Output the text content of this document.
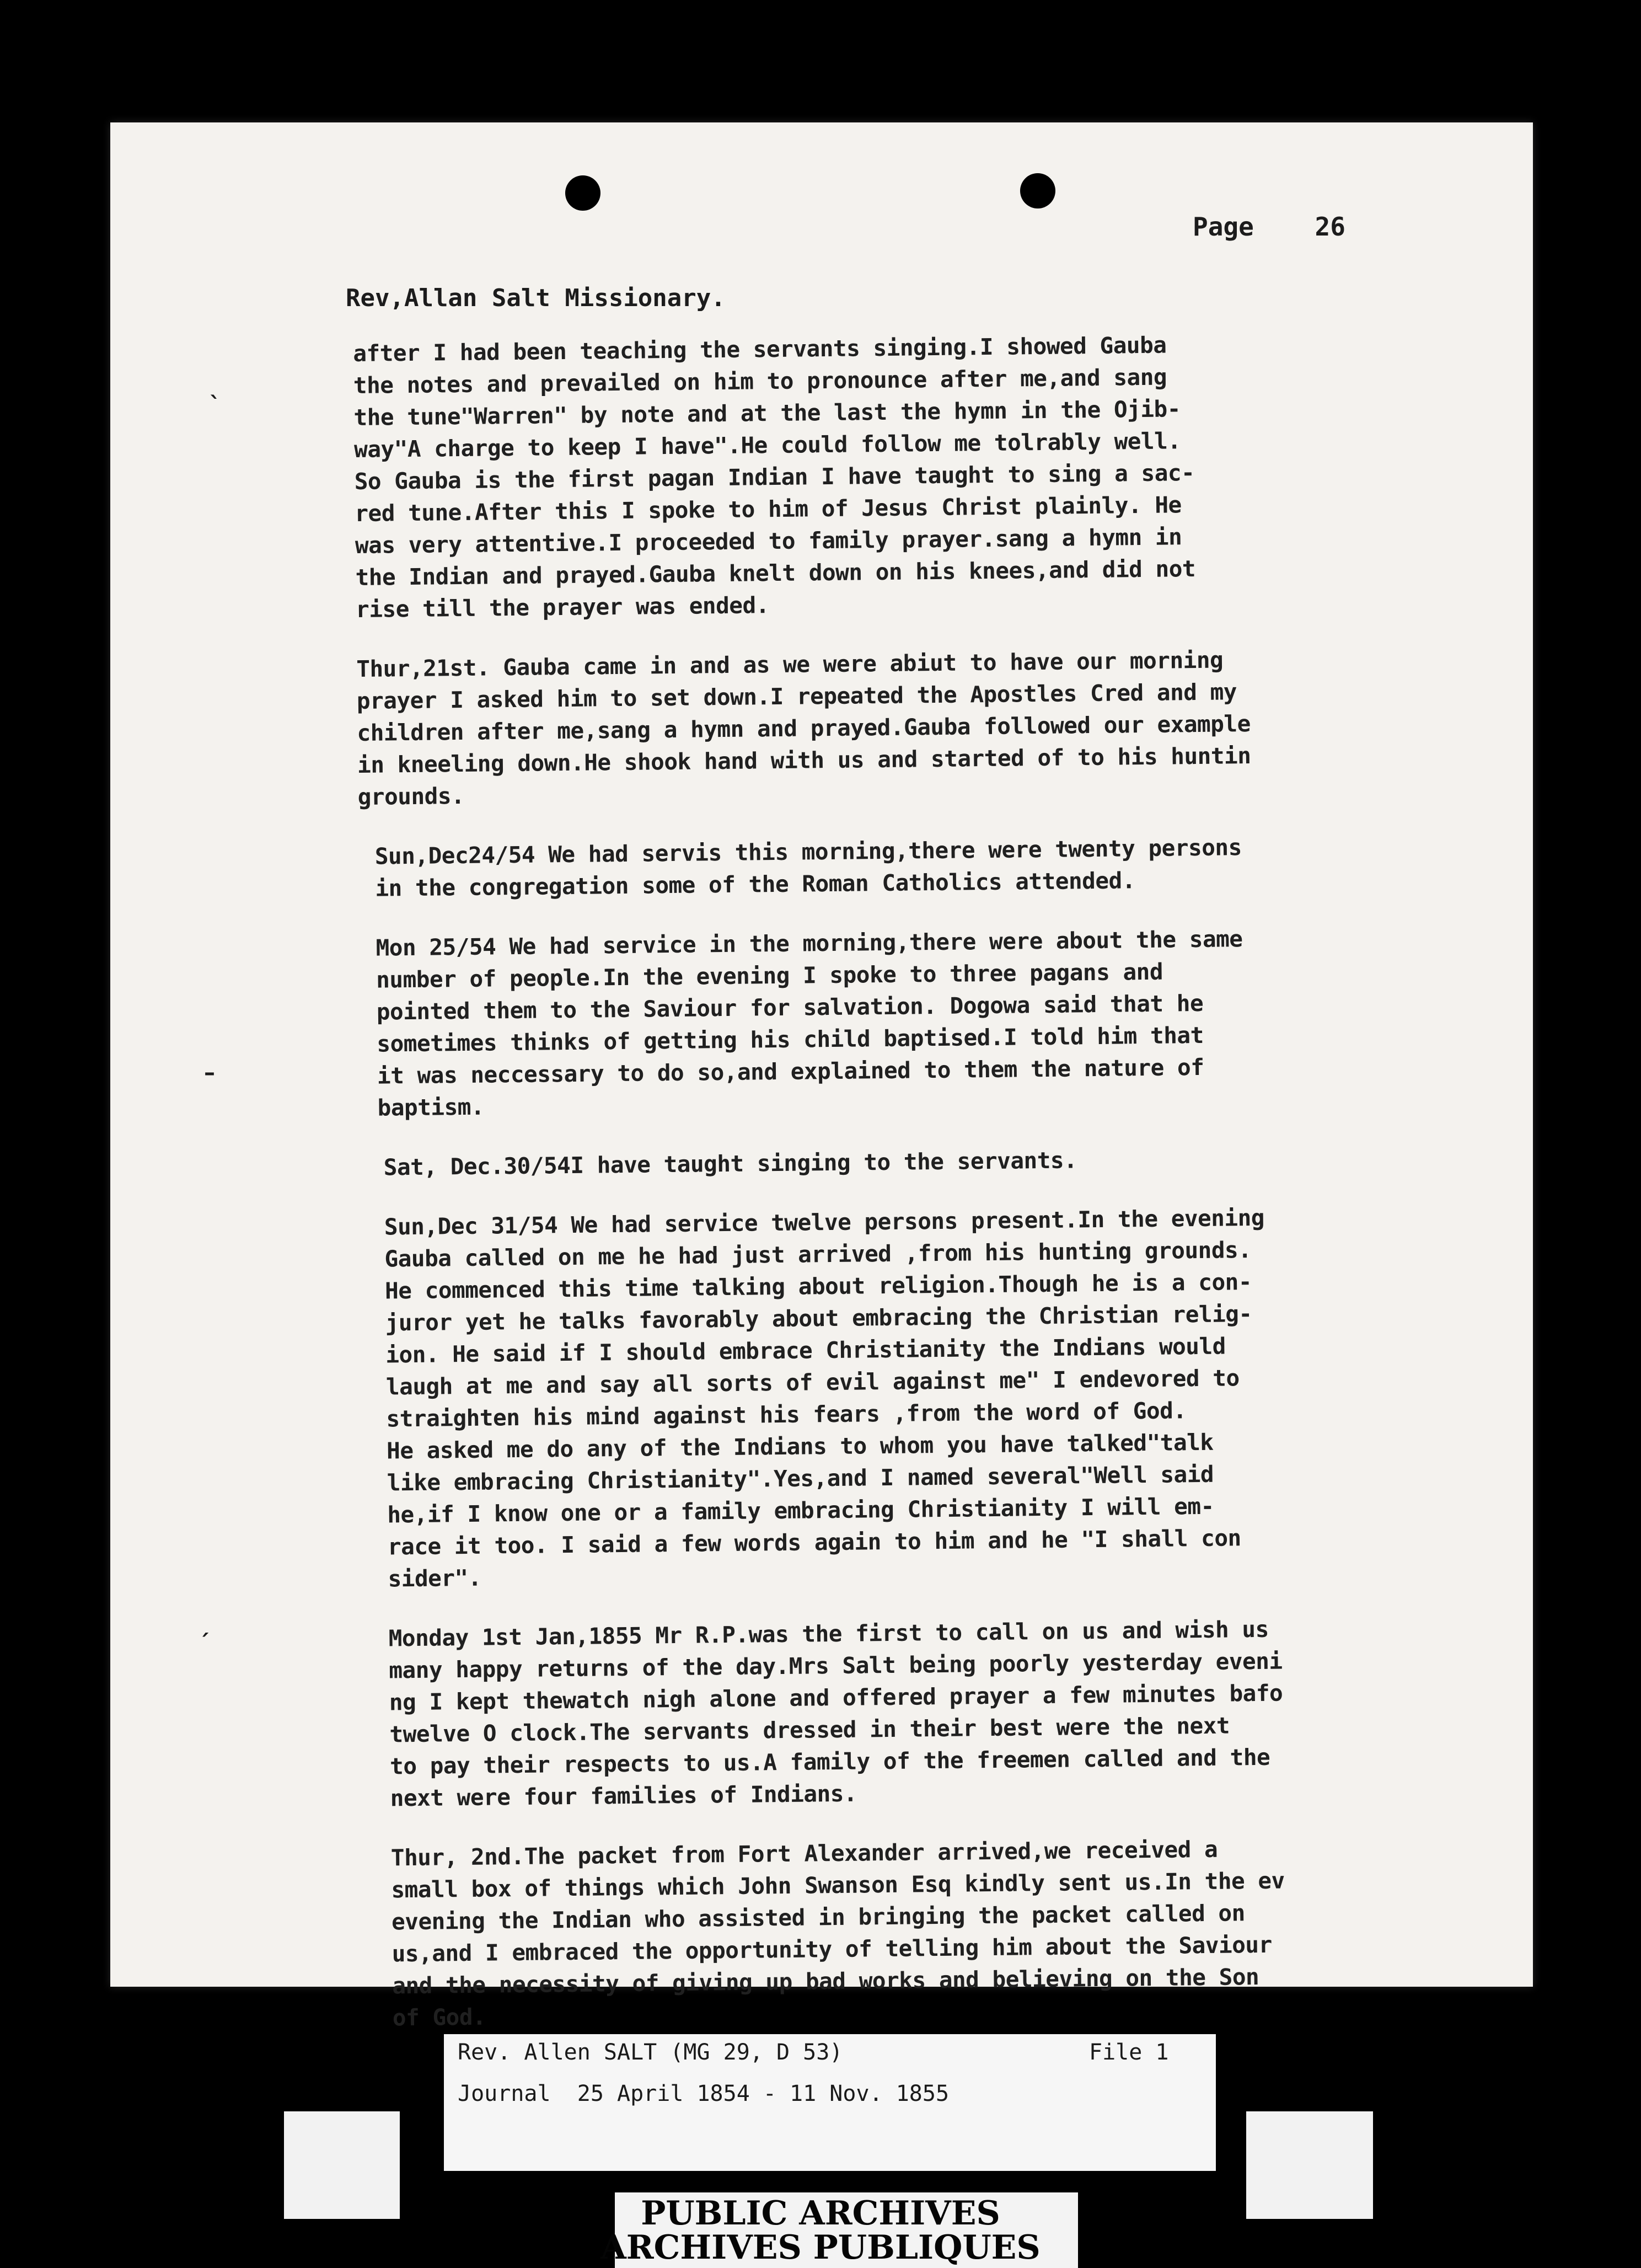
Page    26
Rev,Allan Salt Missionary.
after I had been teaching the servants singing.I showed Gauba
the notes and prevailed on him to pronounce after me,and sang
the tune"Warren" by note and at the last the hymn in the Ojib-
way"A charge to keep I have".He could follow me tolrably well.
So Gauba is the first pagan Indian I have taught to sing a sac-
red tune.After this I spoke to him of Jesus Christ plainly. He
was very attentive.I proceeded to family prayer.sang a hymn in
the Indian and prayed.Gauba knelt down on his knees,and did not
rise till the prayer was ended.
Thur,21st. Gauba came in and as we were abiut to have our morning
prayer I asked him to set down.I repeated the Apostles Cred and my
children after me,sang a hymn and prayed.Gauba followed our example
in kneeling down.He shook hand with us and started of to his huntin
grounds.
Sun,Dec24/54 We had servis this morning,there were twenty persons
in the congregation some of the Roman Catholics attended.
Mon 25/54 We had service in the morning,there were about the same
number of people.In the evening I spoke to three pagans and
pointed them to the Saviour for salvation. Dogowa said that he
sometimes thinks of getting his child baptised.I told him that
it was neccessary to do so,and explained to them the nature of
baptism.
Sat, Dec.30/54I have taught singing to the servants.
Sun,Dec 31/54 We had service twelve persons present.In the evening
Gauba called on me he had just arrived ,from his hunting grounds.
He commenced this time talking about religion.Though he is a con-
juror yet he talks favorably about embracing the Christian relig-
ion. He said if I should embrace Christianity the Indians would
laugh at me and say all sorts of evil against me" I endevored to
straighten his mind against his fears ,from the word of God.
He asked me do any of the Indians to whom you have talked"talk
like embracing Christianity".Yes,and I named several"Well said
he,if I know one or a family embracing Christianity I will em-
race it too. I said a few words again to him and he "I shall con
sider".
Monday 1st Jan,1855 Mr R.P.was the first to call on us and wish us
many happy returns of the day.Mrs Salt being poorly yesterday eveni
ng I kept thewatch nigh alone and offered prayer a few minutes bafo
twelve O clock.The servants dressed in their best were the next
to pay their respects to us.A family of the freemen called and the
next were four families of Indians.
Thur, 2nd.The packet from Fort Alexander arrived,we received a
small box of things which John Swanson Esq kindly sent us.In the ev
evening the Indian who assisted in bringing the packet called on
us,and I embraced the opportunity of telling him about the Saviour
and the necessity of giving up bad works and believing on the Son
of God.
ˋ
–
ˏ
Rev. Allen SALT (MG 29, D 53)	File 1
Journal  25 April 1854 - 11 Nov. 1855
PUBLIC ARCHIVES
ARCHIVES PUBLIQUES
